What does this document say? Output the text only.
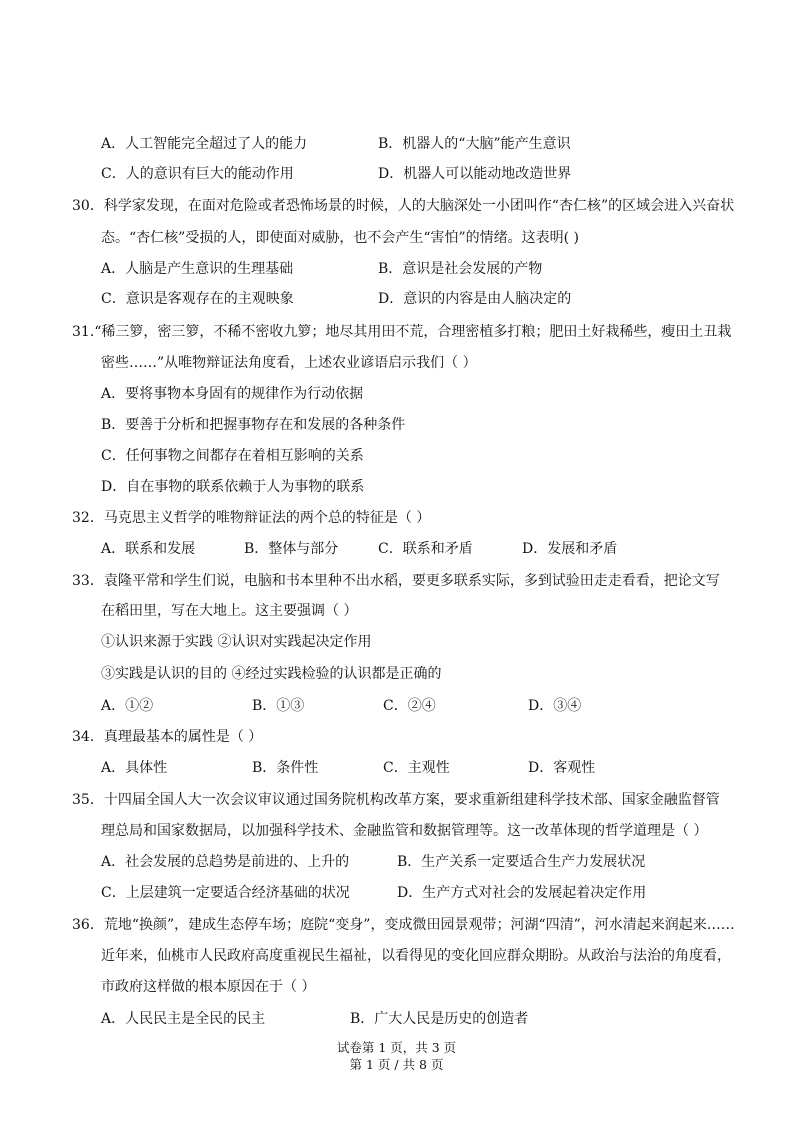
A．人工智能完全超过了人的能力	B．机器人的“大脑”能产生意识
C．人的意识有巨大的能动作用	D．机器人可以能动地改造世界
30．科学家发现，在面对危险或者恐怖场景的时候，人的大脑深处一小团叫作“杏仁核”的区域会进入兴奋状
态。“杏仁核”受损的人，即使面对威胁，也不会产生“害怕”的情绪。这表明( )
A．人脑是产生意识的生理基础	B．意识是社会发展的产物
C．意识是客观存在的主观映象	D．意识的内容是由人脑决定的
31.“稀三箩，密三箩，不稀不密收九箩；地尽其用田不荒，合理密植多打粮；肥田土好栽稀些，瘦田土丑栽
密些……”从唯物辩证法角度看，上述农业谚语启示我们（ ）
A．要将事物本身固有的规律作为行动依据
B．要善于分析和把握事物存在和发展的各种条件
C．任何事物之间都存在着相互影响的关系
D．自在事物的联系依赖于人为事物的联系
32．马克思主义哲学的唯物辩证法的两个总的特征是（ ）
A．联系和发展	B．整体与部分	C．联系和矛盾	D．发展和矛盾
33．袁隆平常和学生们说，电脑和书本里种不出水稻，要更多联系实际，多到试验田走走看看，把论文写
在稻田里，写在大地上。这主要强调（ ）
①认识来源于实践 ②认识对实践起决定作用
③实践是认识的目的 ④经过实践检验的认识都是正确的
A．①②	B．①③	C．②④	D．③④
34．真理最基本的属性是（ ）
A．具体性	B．条件性	C．主观性	D．客观性
35．十四届全国人大一次会议审议通过国务院机构改革方案，要求重新组建科学技术部、国家金融监督管
理总局和国家数据局，以加强科学技术、金融监管和数据管理等。这一改革体现的哲学道理是（ ）
A．社会发展的总趋势是前进的、上升的	B．生产关系一定要适合生产力发展状况
C．上层建筑一定要适合经济基础的状况	D．生产方式对社会的发展起着决定作用
36．荒地“换颜”，建成生态停车场；庭院“变身”，变成微田园景观带；河湖“四清”，河水清起来润起来……
近年来，仙桃市人民政府高度重视民生福祉，以看得见的变化回应群众期盼。从政治与法治的角度看，
市政府这样做的根本原因在于（ ）
A．人民民主是全民的民主	B．广大人民是历史的创造者
试卷第 1 页，共 3 页
第 1 页 / 共 8 页
